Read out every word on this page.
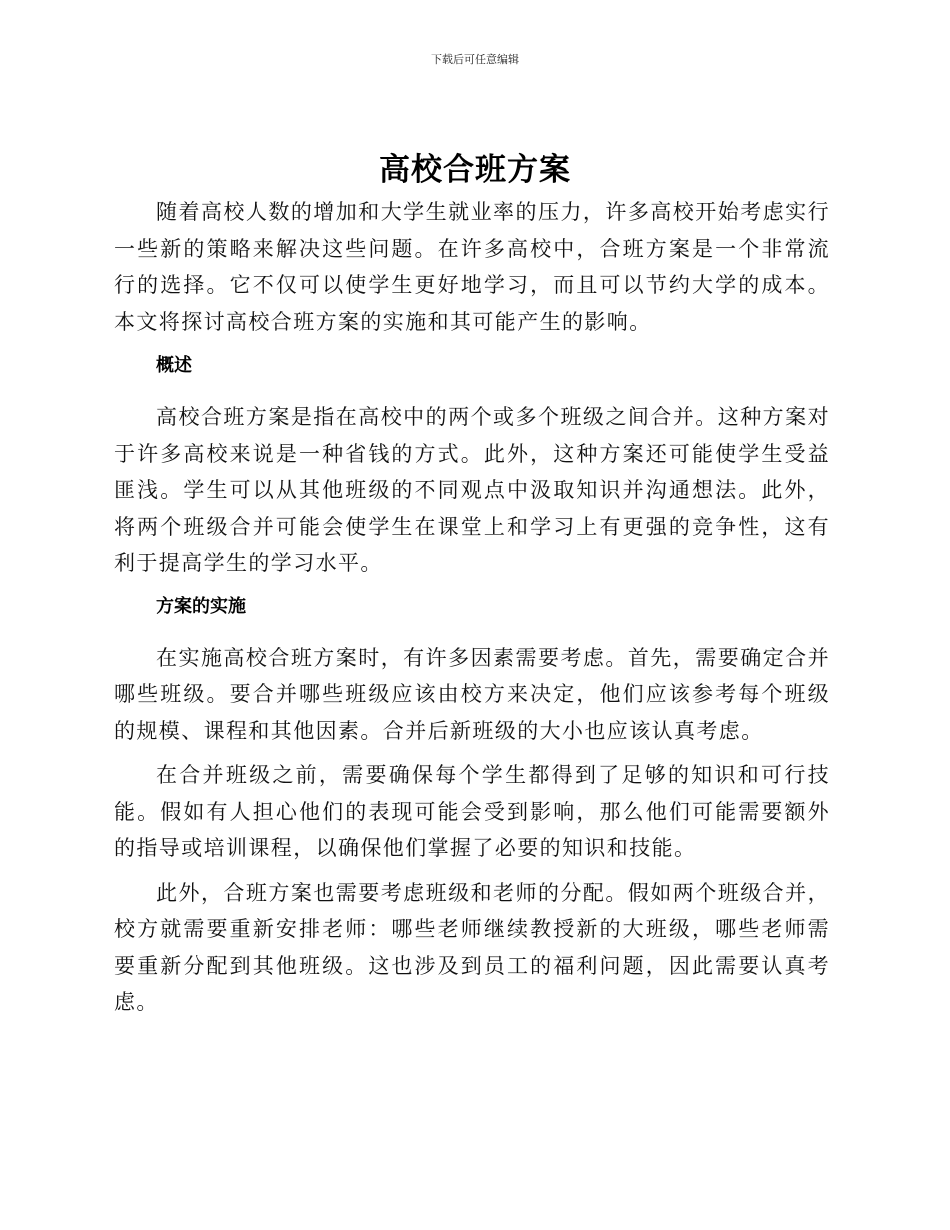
下载后可任意编辑
高校合班方案

随着高校人数的增加和大学生就业率的压力，许多高校开始考虑实行一些新的策略来解决这些问题。在许多高校中，合班方案是一个非常流行的选择。它不仅可以使学生更好地学习，而且可以节约大学的成本。本文将探讨高校合班方案的实施和其可能产生的影响。

概述

高校合班方案是指在高校中的两个或多个班级之间合并。这种方案对于许多高校来说是一种省钱的方式。此外，这种方案还可能使学生受益匪浅。学生可以从其他班级的不同观点中汲取知识并沟通想法。此外，将两个班级合并可能会使学生在课堂上和学习上有更强的竞争性，这有利于提高学生的学习水平。

方案的实施

在实施高校合班方案时，有许多因素需要考虑。首先，需要确定合并哪些班级。要合并哪些班级应该由校方来决定，他们应该参考每个班级的规模、课程和其他因素。合并后新班级的大小也应该认真考虑。

在合并班级之前，需要确保每个学生都得到了足够的知识和可行技能。假如有人担心他们的表现可能会受到影响，那么他们可能需要额外的指导或培训课程，以确保他们掌握了必要的知识和技能。

此外，合班方案也需要考虑班级和老师的分配。假如两个班级合并，校方就需要重新安排老师：哪些老师继续教授新的大班级，哪些老师需要重新分配到其他班级。这也涉及到员工的福利问题，因此需要认真考虑。
